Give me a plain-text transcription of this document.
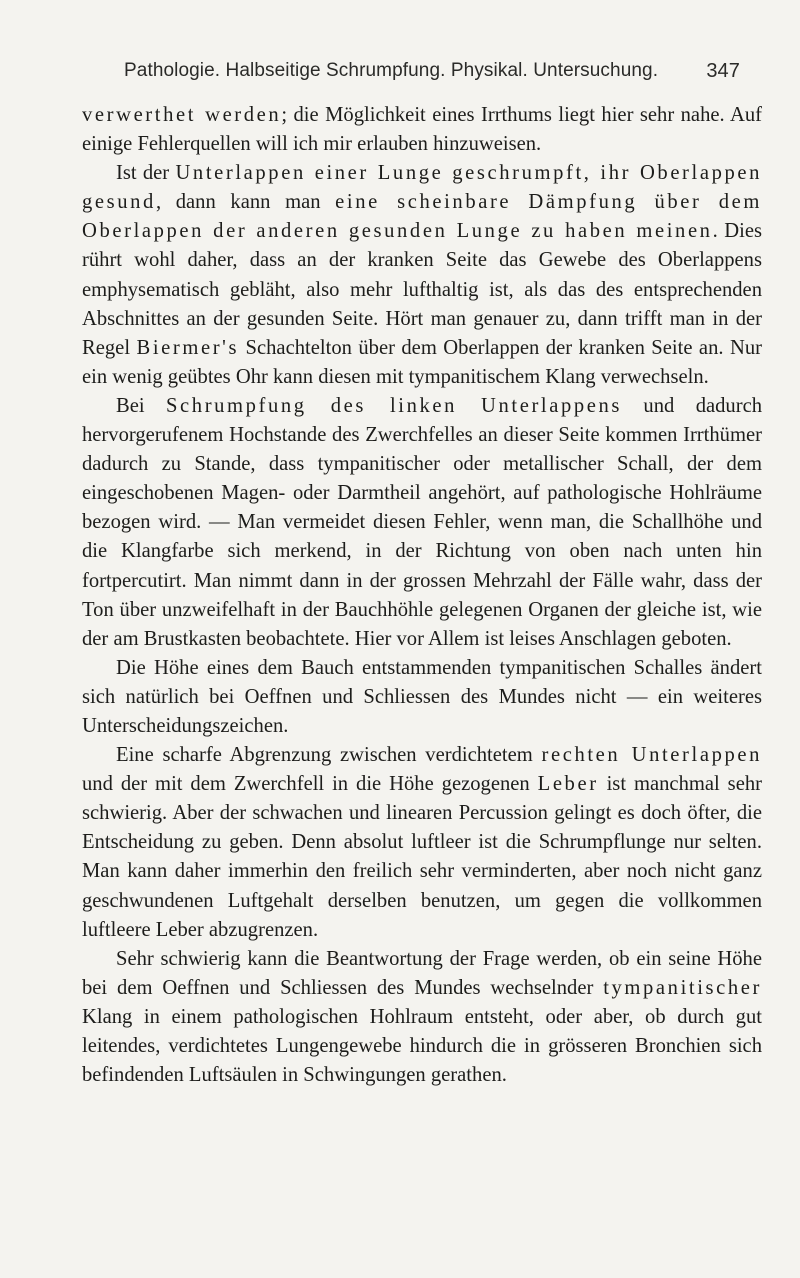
Pathologie. Halbseitige Schrumpfung. Physikal. Untersuchung. 347

verwerthet werden; die Möglichkeit eines Irrthums liegt hier sehr nahe. Auf einige Fehlerquellen will ich mir erlauben hinzuweisen.

Ist der Unterlappen einer Lunge geschrumpft, ihr Oberlappen gesund, dann kann man eine scheinbare Dämpfung über dem Oberlappen der anderen gesunden Lunge zu haben meinen. Dies rührt wohl daher, dass an der kranken Seite das Gewebe des Oberlappens emphysematisch gebläht, also mehr lufthaltig ist, als das des entsprechenden Abschnittes an der gesunden Seite. Hört man genauer zu, dann trifft man in der Regel Biermer's Schachtelton über dem Oberlappen der kranken Seite an. Nur ein wenig geübtes Ohr kann diesen mit tympanitischem Klang verwechseln.

Bei Schrumpfung des linken Unterlappens und dadurch hervorgerufenem Hochstande des Zwerchfelles an dieser Seite kommen Irrthümer dadurch zu Stande, dass tympanitischer oder metallischer Schall, der dem eingeschobenen Magen- oder Darmtheil angehört, auf pathologische Hohlräume bezogen wird. — Man vermeidet diesen Fehler, wenn man, die Schallhöhe und die Klangfarbe sich merkend, in der Richtung von oben nach unten hin fortpercutirt. Man nimmt dann in der grossen Mehrzahl der Fälle wahr, dass der Ton über unzweifelhaft in der Bauchhöhle gelegenen Organen der gleiche ist, wie der am Brustkasten beobachtete. Hier vor Allem ist leises Anschlagen geboten.

Die Höhe eines dem Bauch entstammenden tympanitischen Schalles ändert sich natürlich bei Oeffnen und Schliessen des Mundes nicht — ein weiteres Unterscheidungszeichen.

Eine scharfe Abgrenzung zwischen verdichtetem rechten Unterlappen und der mit dem Zwerchfell in die Höhe gezogenen Leber ist manchmal sehr schwierig. Aber der schwachen und linearen Percussion gelingt es doch öfter, die Entscheidung zu geben. Denn absolut luftleer ist die Schrumpflunge nur selten. Man kann daher immerhin den freilich sehr verminderten, aber noch nicht ganz geschwundenen Luftgehalt derselben benutzen, um gegen die vollkommen luftleere Leber abzugrenzen.

Sehr schwierig kann die Beantwortung der Frage werden, ob ein seine Höhe bei dem Oeffnen und Schliessen des Mundes wechselnder tympanitischer Klang in einem pathologischen Hohlraum entsteht, oder aber, ob durch gut leitendes, verdichtetes Lungengewebe hindurch die in grösseren Bronchien sich befindenden Luftsäulen in Schwingungen gerathen.
